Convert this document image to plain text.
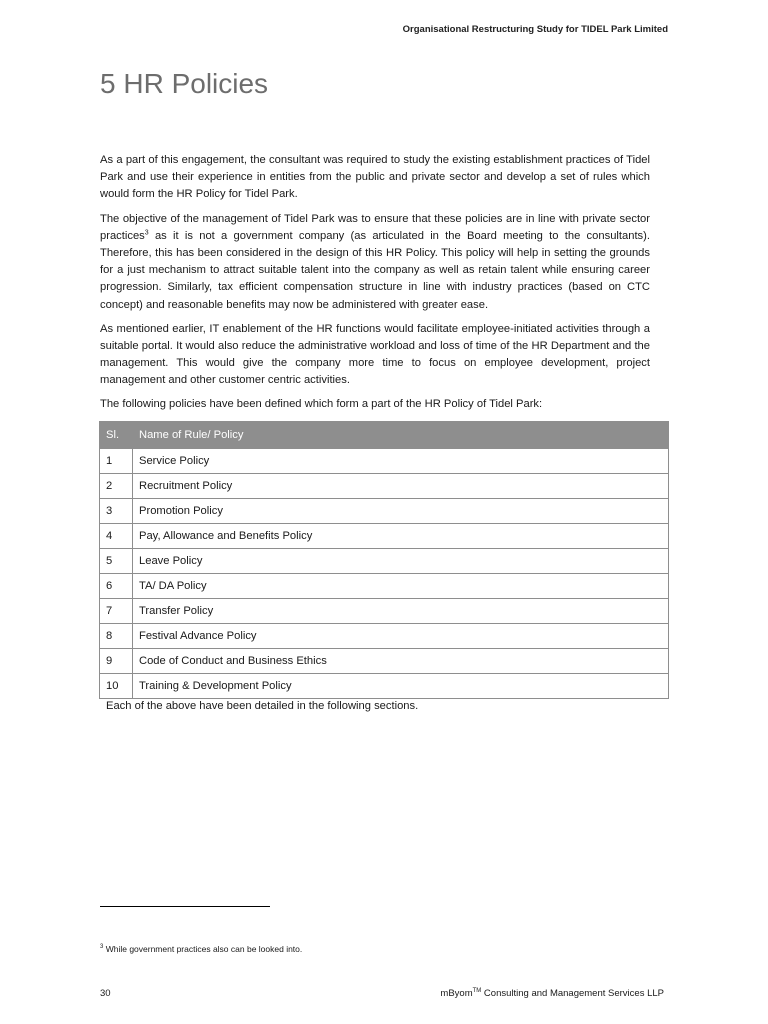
Organisational Restructuring Study for TIDEL Park Limited
5 HR Policies

As a part of this engagement, the consultant was required to study the existing establishment practices of Tidel Park and use their experience in entities from the public and private sector and develop a set of rules which would form the HR Policy for Tidel Park.

The objective of the management of Tidel Park was to ensure that these policies are in line with private sector practices$^3$ as it is not a government company (as articulated in the Board meeting to the consultants). Therefore, this has been considered in the design of this HR Policy. This policy will help in setting the grounds for a just mechanism to attract suitable talent into the company as well as retain talent while ensuring career progression. Similarly, tax efficient compensation structure in line with industry practices (based on CTC concept) and reasonable benefits may now be administered with greater ease.

As mentioned earlier, IT enablement of the HR functions would facilitate employee-initiated activities through a suitable portal. It would also reduce the administrative workload and loss of time of the HR Department and the management. This would give the company more time to focus on employee development, project management and other customer centric activities.

The following policies have been defined which form a part of the HR Policy of Tidel Park:
Sl.	Name of Rule/ Policy
1	Service Policy
2	Recruitment Policy
3	Promotion Policy
4	Pay, Allowance and Benefits Policy
5	Leave Policy
6	TA/ DA Policy
7	Transfer Policy
8	Festival Advance Policy
9	Code of Conduct and Business Ethics
10	Training & Development Policy
Each of the above have been detailed in the following sections.
$^3$ While government practices also can be looked into.
30	mByom™ Consulting and Management Services LLP
